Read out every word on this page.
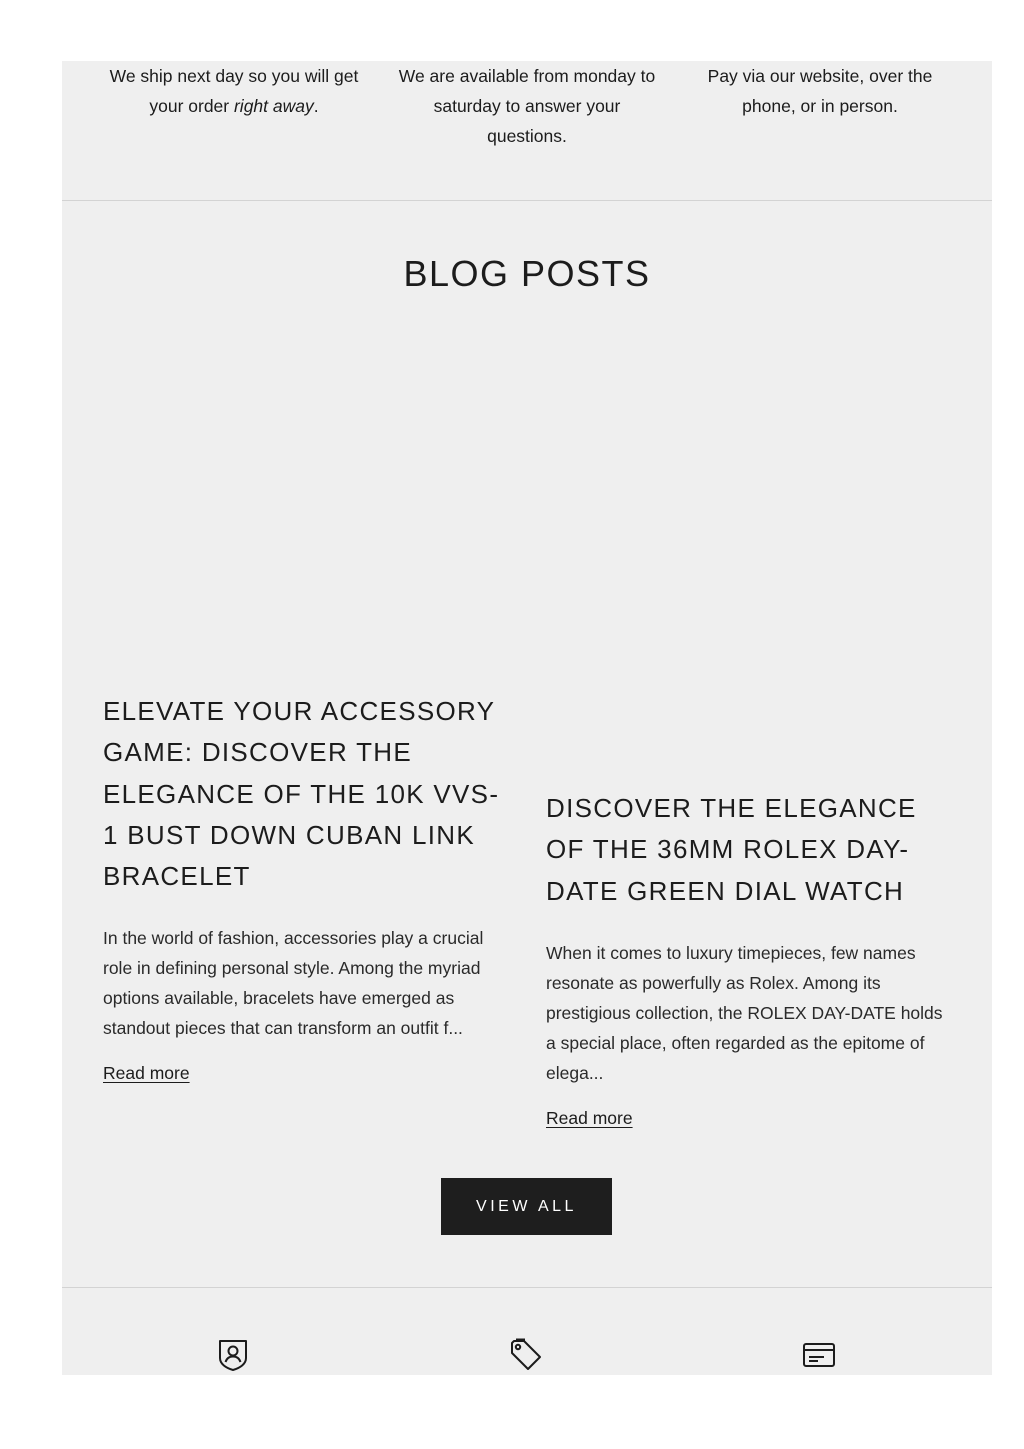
We ship next day so you will get your order right away.
We are available from monday to saturday to answer your questions.
Pay via our website, over the phone, or in person.
BLOG POSTS
ELEVATE YOUR ACCESSORY GAME: DISCOVER THE ELEGANCE OF THE 10K VVS-1 BUST DOWN CUBAN LINK BRACELET

In the world of fashion, accessories play a crucial role in defining personal style. Among the myriad options available, bracelets have emerged as standout pieces that can transform an outfit f...

Read more
DISCOVER THE ELEGANCE OF THE 36MM ROLEX DAY-DATE GREEN DIAL WATCH

When it comes to luxury timepieces, few names resonate as powerfully as Rolex. Among its prestigious collection, the ROLEX DAY-DATE holds a special place, often regarded as the epitome of elega...

Read more
VIEW ALL
